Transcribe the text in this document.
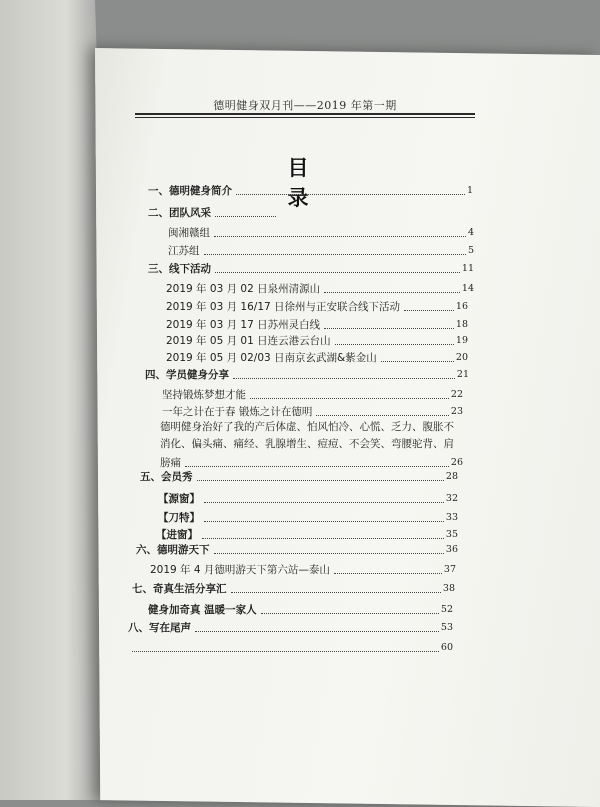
德明健身双月刊——2019 年第一期
目 录
一、德明健身简介	1
二、团队风采
闽湘赣组	4
江苏组	5
三、线下活动	11
2019 年 03 月 02 日泉州清源山	14
2019 年 03 月 16/17 日徐州与正安联合线下活动	16
2019 年 03 月 17 日苏州灵白线	18
2019 年 05 月 01 日连云港云台山	19
2019 年 05 月 02/03 日南京玄武湖&紫金山	20
四、学员健身分享	21
坚持锻炼梦想才能	22
一年之计在于春 锻炼之计在德明	23
德明健身治好了我的产后体虚、怕风怕冷、心慌、乏力、腹胀不
消化、偏头痛、痛经、乳腺增生、痘痘、不会笑、弯腰驼背、肩
膀痛	26
五、会员秀	28
【源窗】	32
【刀特】	33
【进窗】	35
六、德明游天下	36
2019 年 4 月德明游天下第六站—泰山	37
七、奇真生活分享汇	38
健身加奇真 温暖一家人	52
八、写在尾声	53
60
